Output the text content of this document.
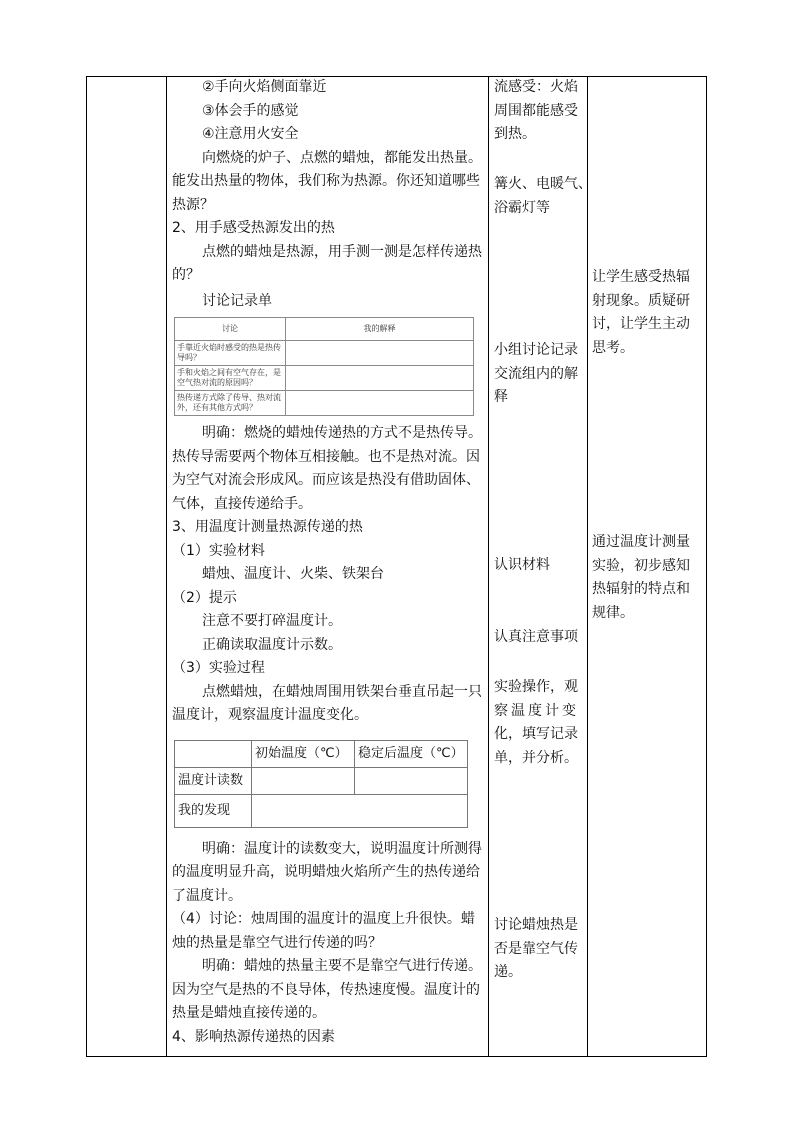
②手向火焰侧面靠近

③体会手的感觉

④注意用火安全

向燃烧的炉子、点燃的蜡烛，都能发出热量。

能发出热量的物体，我们称为热源。你还知道哪些

热源？

2、用手感受热源发出的热

点燃的蜡烛是热源，用手测一测是怎样传递热

的？

讨论记录单

讨论	我的解释
手靠近火焰时感受的热是热传导吗？	
手和火焰之间有空气存在，是空气热对流的原因吗？	
热传递方式除了传导、热对流外，还有其他方式吗？	

明确：燃烧的蜡烛传递热的方式不是热传导。

热传导需要两个物体互相接触。也不是热对流。因

为空气对流会形成风。而应该是热没有借助固体、

气体，直接传递给手。

3、用温度计测量热源传递的热

（1）实验材料

蜡烛、温度计、火柴、铁架台

（2）提示

注意不要打碎温度计。

正确读取温度计示数。

（3）实验过程

点燃蜡烛，在蜡烛周围用铁架台垂直吊起一只

温度计，观察温度计温度变化。

	初始温度（℃）	稳定后温度（℃）
温度计读数		
我的发现		

明确：温度计的读数变大，说明温度计所测得

的温度明显升高，说明蜡烛火焰所产生的热传递给

了温度计。

（4）讨论：烛周围的温度计的温度上升很快。蜡

烛的热量是靠空气进行传递的吗？

明确：蜡烛的热量主要不是靠空气进行传递。

因为空气是热的不良导体，传热速度慢。温度计的

热量是蜡烛直接传递的。

4、影响热源传递热的因素

流感受：火焰

周围都能感受

到热。

篝火、电暖气、

浴霸灯等

小组讨论记录

交流组内的解

释

认识材料

认真注意事项

实验操作，观

察温度计变

化，填写记录

单，并分析。

讨论蜡烛热是

否是靠空气传

递。

让学生感受热辐

射现象。质疑研

讨，让学生主动

思考。

通过温度计测量

实验，初步感知

热辐射的特点和

规律。
